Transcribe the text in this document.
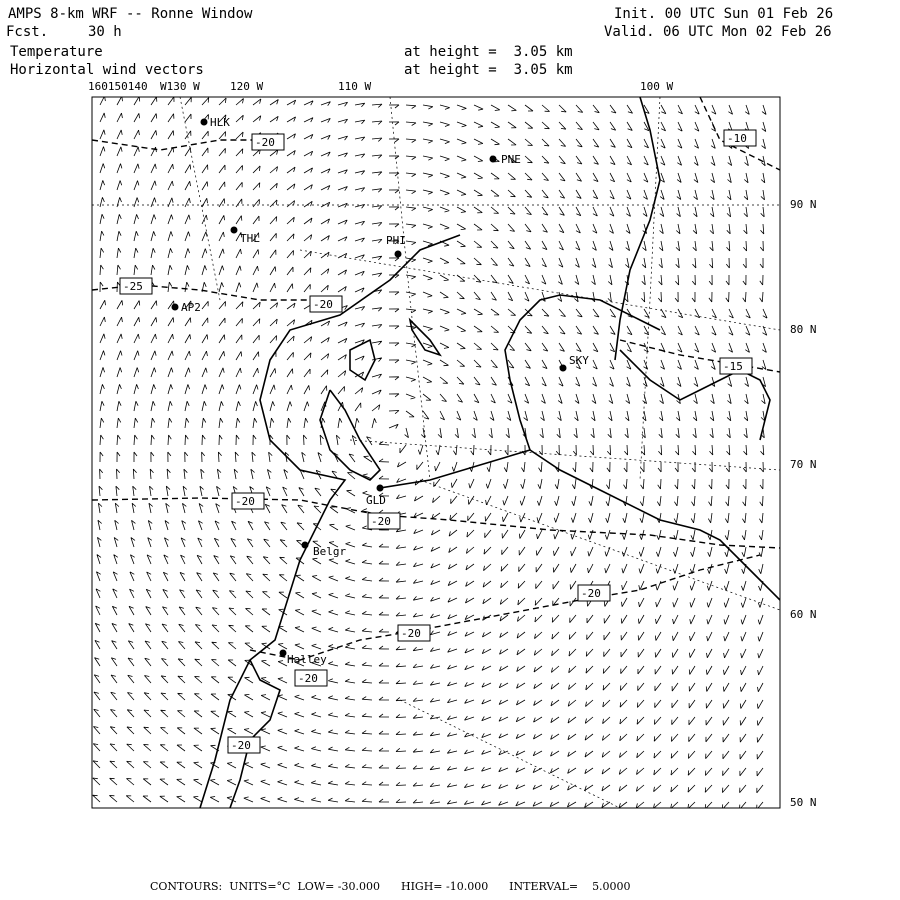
AMPS 8-km WRF -- Ronne Window
Fcst.	30 h
Temperature
Horizontal wind vectors
at height =  3.05 km
at height =  3.05 km
Init. 00 UTC Sun 01 Feb 26
Valid. 06 UTC Mon 02 Feb 26
-20	-10
-25
-20
-15
-20
-20
-20
-20
-20
-20
HLK
PNE
THL	PHI
AP2
SKY
GLD
Belgr
Halley
160150140 W130 W	120 W	110 W	100 W
90 N
80 N
70 N
60 N
50 N
CONTOURS:  UNITS=°C  LOW= -30.000      HIGH= -10.000      INTERVAL=    5.0000
